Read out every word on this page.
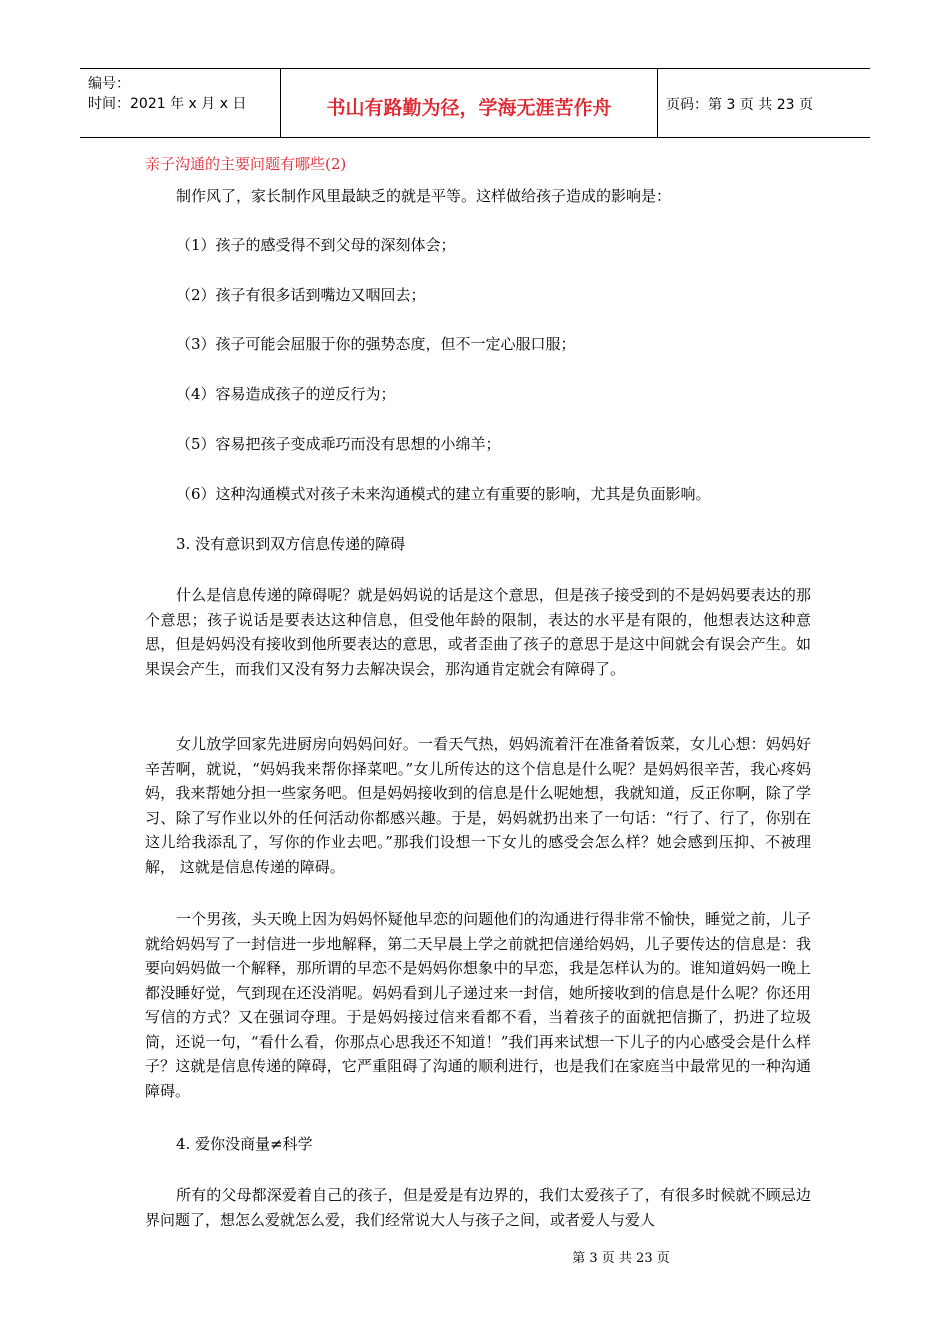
编号：
时间：2021 年 x 月 x 日	书山有路勤为径，学海无涯苦作舟	页码：第 3 页 共 23 页
亲子沟通的主要问题有哪些(2)
制作风了，家长制作风里最缺乏的就是平等。这样做给孩子造成的影响是：
（1）孩子的感受得不到父母的深刻体会；
（2）孩子有很多话到嘴边又咽回去；
（3）孩子可能会屈服于你的强势态度，但不一定心服口服；
（4）容易造成孩子的逆反行为；
（5）容易把孩子变成乖巧而没有思想的小绵羊；
（6）这种沟通模式对孩子未来沟通模式的建立有重要的影响，尤其是负面影响。
3. 没有意识到双方信息传递的障碍
什么是信息传递的障碍呢？就是妈妈说的话是这个意思，但是孩子接受到的不是妈妈要表达的那个意思；孩子说话是要表达这种信息，但受他年龄的限制，表达的水平是有限的，他想表达这种意思，但是妈妈没有接收到他所要表达的意思，或者歪曲了孩子的意思于是这中间就会有误会产生。如果误会产生，而我们又没有努力去解决误会，那沟通肯定就会有障碍了。
女儿放学回家先进厨房向妈妈问好。一看天气热，妈妈流着汗在准备着饭菜，女儿心想：妈妈好辛苦啊，就说，“妈妈我来帮你择菜吧。”女儿所传达的这个信息是什么呢？是妈妈很辛苦，我心疼妈妈，我来帮她分担一些家务吧。但是妈妈接收到的信息是什么呢她想，我就知道，反正你啊，除了学习、除了写作业以外的任何活动你都感兴趣。于是，妈妈就扔出来了一句话：“行了、行了，你别在这儿给我添乱了，写你的作业去吧。”那我们设想一下女儿的感受会怎么样？她会感到压抑、不被理解， 这就是信息传递的障碍。
一个男孩，头天晚上因为妈妈怀疑他早恋的问题他们的沟通进行得非常不愉快，睡觉之前，儿子就给妈妈写了一封信进一步地解释，第二天早晨上学之前就把信递给妈妈，儿子要传达的信息是：我要向妈妈做一个解释，那所谓的早恋不是妈妈你想象中的早恋，我是怎样认为的。谁知道妈妈一晚上都没睡好觉，气到现在还没消呢。妈妈看到儿子递过来一封信，她所接收到的信息是什么呢？你还用写信的方式？又在强词夺理。于是妈妈接过信来看都不看，当着孩子的面就把信撕了，扔进了垃圾筒，还说一句，“看什么看，你那点心思我还不知道！”我们再来试想一下儿子的内心感受会是什么样子？这就是信息传递的障碍，它严重阻碍了沟通的顺利进行，也是我们在家庭当中最常见的一种沟通障碍。
4. 爱你没商量≠科学
所有的父母都深爱着自己的孩子，但是爱是有边界的，我们太爱孩子了，有很多时候就不顾忌边界问题了，想怎么爱就怎么爱，我们经常说大人与孩子之间，或者爱人与爱人
第 3 页 共 23 页
